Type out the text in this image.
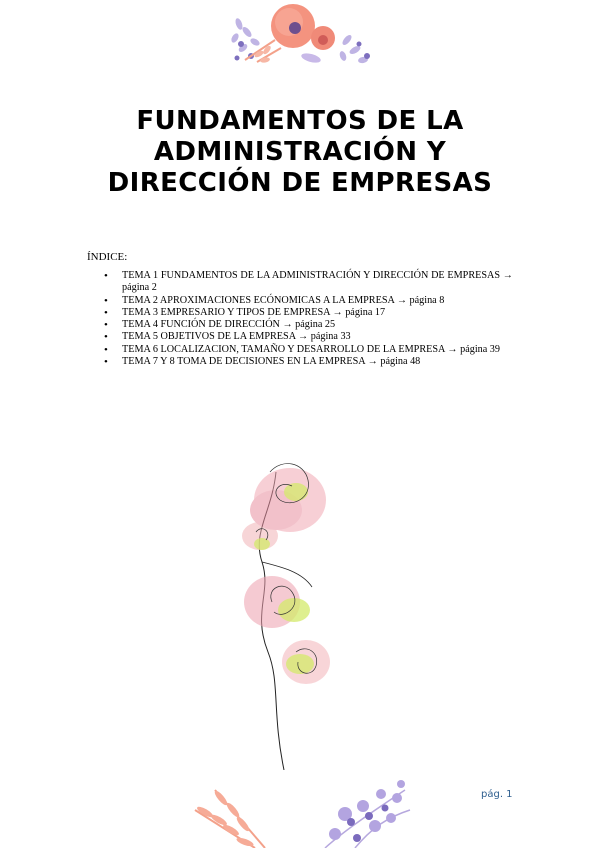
FUNDAMENTOS DE LA
ADMINISTRACIÓN Y
DIRECCIÓN DE EMPRESAS

ÍNDICE:

• TEMA 1 FUNDAMENTOS DE LA ADMINISTRACIÓN Y DIRECCIÓN DE EMPRESAS → página 2
• TEMA 2 APROXIMACIONES ECÓNOMICAS A LA EMPRESA → página 8
• TEMA 3 EMPRESARIO Y TIPOS DE EMPRESA → página 17
• TEMA 4 FUNCIÓN DE DIRECCIÓN → página 25
• TEMA 5 OBJETIVOS DE LA EMPRESA → página 33
• TEMA 6 LOCALIZACION, TAMAÑO Y DESARROLLO DE LA EMPRESA → página 39
• TEMA 7 Y 8 TOMA DE DECISIONES EN LA EMPRESA → página 48

pág. 1
